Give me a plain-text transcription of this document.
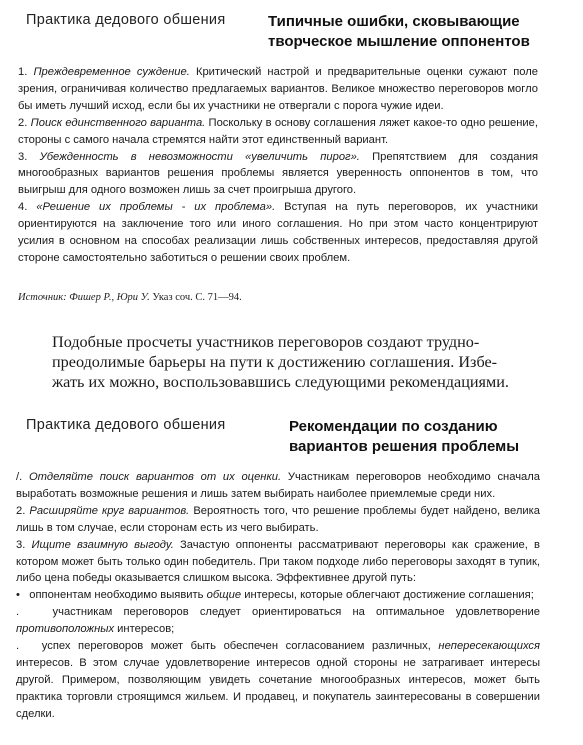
Практика дедового обшения	Типичные ошибки, сковывающие
творческое мышление оппонентов

1. Преждевременное суждение. Критический настрой и предварительные оценки сужают поле зрения, ограничивая количество предлагаемых вариантов. Великое множество переговоров могло бы иметь лучший исход, если бы их участники не отвергали с порога чужие идеи.

2. Поиск единственного варианта. Поскольку в основу соглашения ляжет какое-то одно решение, стороны с самого начала стремятся найти этот единственный вариант.

3. Убежденность в невозможности «увеличить пирог». Препятствием для создания многообразных вариантов решения проблемы является уверенность оппонентов в том, что выигрыш для одного возможен лишь за счет проигрыша другого.

4. «Решение их проблемы - их проблема». Вступая на путь переговоров, их участники ориентируются на заключение того или иного соглашения. Но при этом часто концентрируют усилия в основном на способах реализации лишь собственных интересов, предоставляя другой стороне самостоятельно заботиться о решении своих проблем.

Источник: Фишер Р., Юри У. Указ соч. С. 71—94.
Подобные просчеты участников переговоров создают трудно-
преодолимые барьеры на пути к достижению соглашения. Избе-
жать их можно, воспользовавшись следующими рекомендациями.
Практика дедового обшения	Рекомендации по созданию
вариантов решения проблемы

/. Отделяйте поиск вариантов от их оценки. Участникам переговоров необходимо сначала выработать возможные решения и лишь затем выбирать наиболее приемлемые среди них.

2. Расширяйте круг вариантов. Вероятность того, что решение проблемы будет найдено, велика лишь в том случае, если сторонам есть из чего выбирать.

3. Ищите взаимную выгоду. Зачастую оппоненты рассматривают переговоры как сражение, в котором может быть только один победитель. При таком подходе либо переговоры заходят в тупик, либо цена победы оказывается слишком высока. Эффективнее другой путь:

• оппонентам необходимо выявить общие интересы, которые облегчают достижение соглашения;

.	участникам переговоров следует ориентироваться на оптимальное удовлетворение противоположных интересов;

. успех переговоров может быть обеспечен согласованием различных, непересекающихся интересов. В этом случае удовлетворение интересов одной стороны не затрагивает интересы другой. Примером, позволяющим увидеть сочетание многообразных интересов, может быть практика торговли строящимся жильем. И продавец, и покупатель заинтересованы в совершении сделки.
